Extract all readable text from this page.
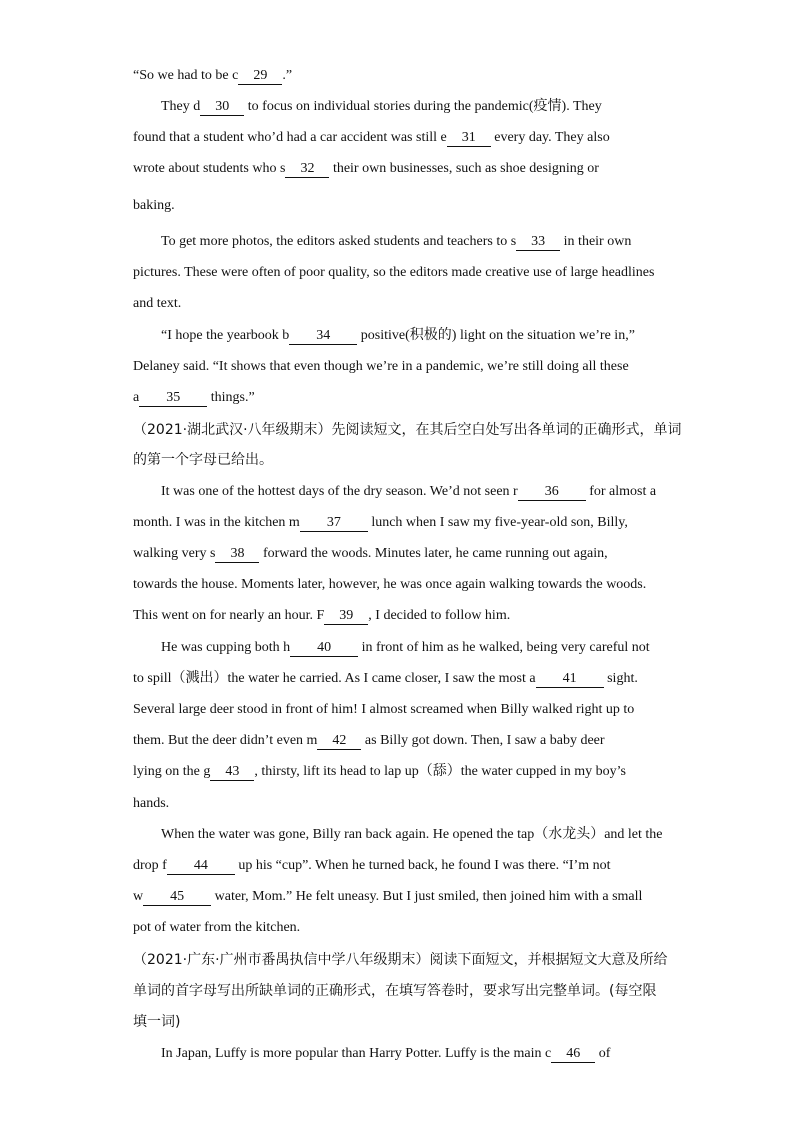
“So we had to be c 29 .”
They d 30 to focus on individual stories during the pandemic(疫情). They
found that a student who’d had a car accident was still e 31 every day. They also
wrote about students who s 32 their own businesses, such as shoe designing or
baking.
To get more photos, the editors asked students and teachers to s 33 in their own
pictures. These were often of poor quality, so the editors made creative use of large headlines
and text.
“I hope the yearbook b 34 positive(积极的) light on the situation we’re in,”
Delaney said. “It shows that even though we’re in a pandemic, we’re still doing all these
a 35 things.”
（2021·湖北武汉·八年级期末）先阅读短文，在其后空白处写出各单词的正确形式，单词
的第一个字母已给出。
It was one of the hottest days of the dry season. We’d not seen r 36 for almost a
month. I was in the kitchen m 37 lunch when I saw my five-year-old son, Billy,
walking very s 38 forward the woods. Minutes later, he came running out again,
towards the house. Moments later, however, he was once again walking towards the woods.
This went on for nearly an hour. F 39 , I decided to follow him.
He was cupping both h 40 in front of him as he walked, being very careful not
to spill（溅出）the water he carried. As I came closer, I saw the most a 41 sight.
Several large deer stood in front of him! I almost screamed when Billy walked right up to
them. But the deer didn’t even m 42 as Billy got down. Then, I saw a baby deer
lying on the g 43 , thirsty, lift its head to lap up（舔）the water cupped in my boy’s
hands.
When the water was gone, Billy ran back again. He opened the tap（水龙头）and let the
drop f 44 up his “cup”. When he turned back, he found I was there. “I’m not
w 45 water, Mom.” He felt uneasy. But I just smiled, then joined him with a small
pot of water from the kitchen.
（2021·广东·广州市番禺执信中学八年级期末）阅读下面短文，并根据短文大意及所给
单词的首字母写出所缺单词的正确形式，在填写答卷时，要求写出完整单词。(每空限
填一词)
In Japan, Luffy is more popular than Harry Potter. Luffy is the main c 46 of
